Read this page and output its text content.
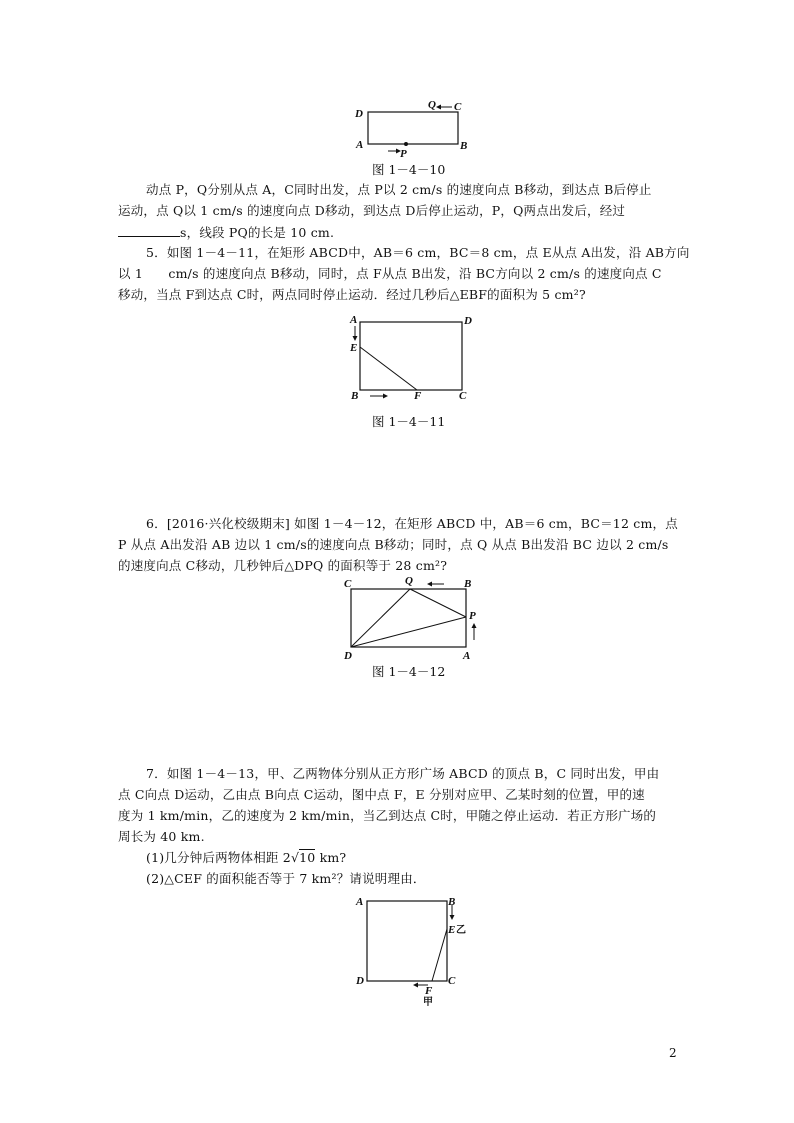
D
Q C
A
P
B
图 1－4－10
动点 P，Q分别从点 A，C同时出发，点 P以 2 cm/s 的速度向点 B移动，到达点 B后停止
运动，点 Q以 1 cm/s 的速度向点 D移动，到达点 D后停止运动，P，Q两点出发后，经过
s，线段 PQ的长是 10 cm.
5．如图 1－4－11，在矩形 ABCD中，AB＝6 cm，BC＝8 cm，点 E从点 A出发，沿 AB方向
以 1　　cm/s 的速度向点 B移动，同时，点 F从点 B出发，沿 BC方向以 2 cm/s 的速度向点 C
移动，当点 F到达点 C时，两点同时停止运动．经过几秒后△EBF的面积为 5 cm²?
A	D
E
B	F	C
图 1－4－11
6．[2016·兴化校级期末] 如图 1－4－12，在矩形 ABCD 中，AB＝6 cm，BC＝12 cm，点
P 从点 A出发沿 AB 边以 1 cm/s的速度向点 B移动；同时，点 Q 从点 B出发沿 BC 边以 2 cm/s
的速度向点 C移动，几秒钟后△DPQ 的面积等于 28 cm²?
C	Q	B
P
D	A
图 1－4－12
7．如图 1－4－13，甲、乙两物体分别从正方形广场 ABCD 的顶点 B，C 同时出发，甲由
点 C向点 D运动，乙由点 B向点 C运动，图中点 F，E 分别对应甲、乙某时刻的位置，甲的速
度为 1 km/min，乙的速度为 2 km/min，当乙到达点 C时，甲随之停止运动．若正方形广场的
周长为 40 km.
(1)几分钟后两物体相距 2√10 km?
(2)△CEF 的面积能否等于 7 km²？请说明理由．
A	B
E 乙
D	C
F
甲
2
